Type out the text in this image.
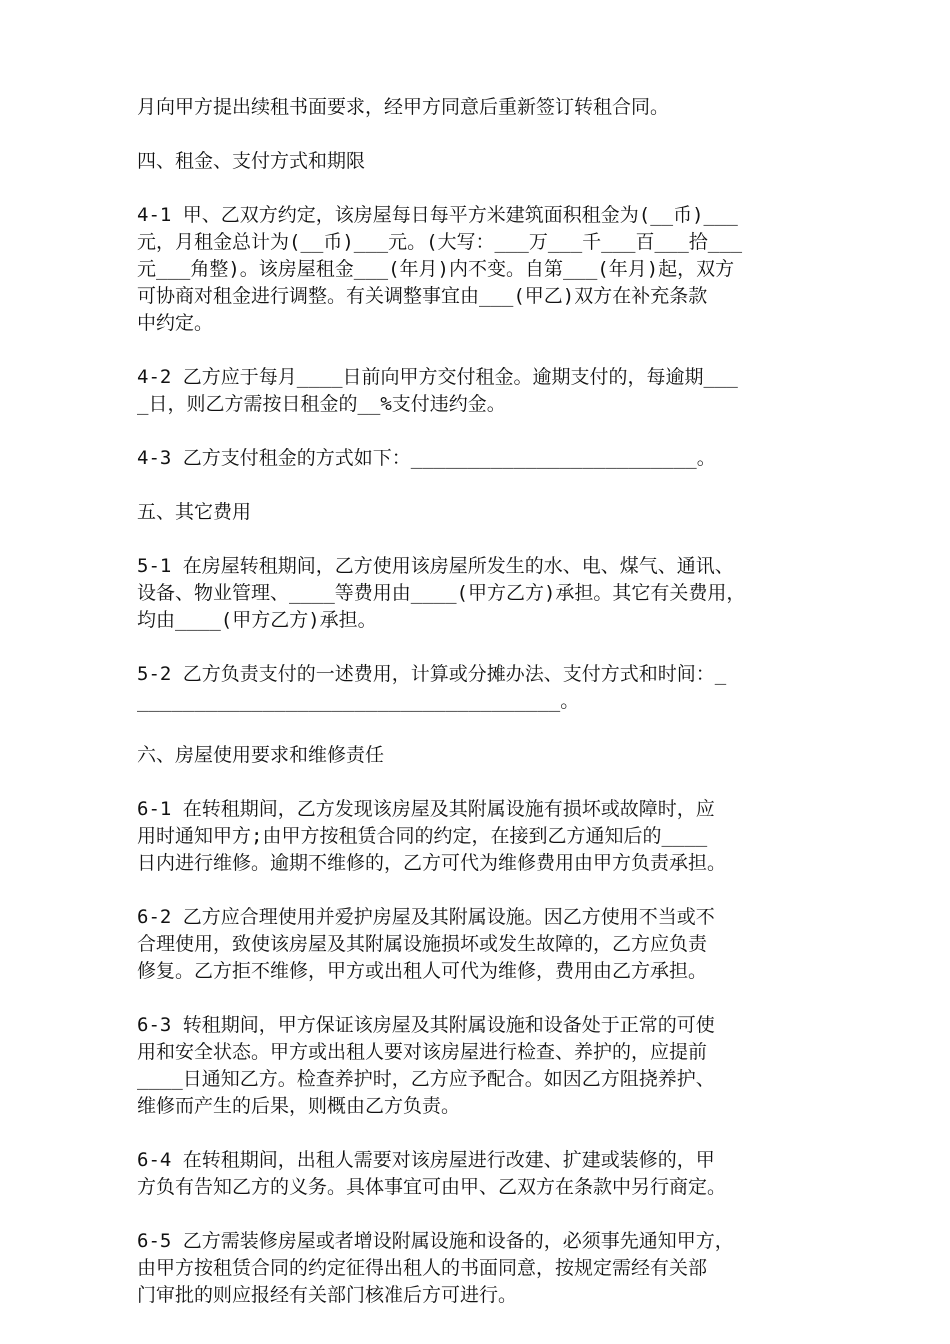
月向甲方提出续租书面要求，经甲方同意后重新签订转租合同。

四、租金、支付方式和期限

4-1 甲、乙双方约定，该房屋每日每平方米建筑面积租金为(__币)___
元，月租金总计为(__币)___元。(大写：___万___千___百___拾___
元___角整)。该房屋租金___(年月)内不变。自第___(年月)起，双方
可协商对租金进行调整。有关调整事宜由___(甲乙)双方在补充条款
中约定。

4-2 乙方应于每月____日前向甲方交付租金。逾期支付的，每逾期___
_日，则乙方需按日租金的__%支付违约金。

4-3 乙方支付租金的方式如下：_________________________。

五、其它费用

5-1 在房屋转租期间，乙方使用该房屋所发生的水、电、煤气、通讯、
设备、物业管理、____等费用由____(甲方乙方)承担。其它有关费用，
均由____(甲方乙方)承担。

5-2 乙方负责支付的一述费用，计算或分摊办法、支付方式和时间：_
_____________________________________。

六、房屋使用要求和维修责任

6-1 在转租期间，乙方发现该房屋及其附属设施有损坏或故障时，应
用时通知甲方;由甲方按租赁合同的约定，在接到乙方通知后的____
日内进行维修。逾期不维修的，乙方可代为维修费用由甲方负责承担。

6-2 乙方应合理使用并爱护房屋及其附属设施。因乙方使用不当或不
合理使用，致使该房屋及其附属设施损坏或发生故障的，乙方应负责
修复。乙方拒不维修，甲方或出租人可代为维修，费用由乙方承担。

6-3 转租期间，甲方保证该房屋及其附属设施和设备处于正常的可使
用和安全状态。甲方或出租人要对该房屋进行检查、养护的，应提前
____日通知乙方。检查养护时，乙方应予配合。如因乙方阻挠养护、
维修而产生的后果，则概由乙方负责。

6-4 在转租期间，出租人需要对该房屋进行改建、扩建或装修的，甲
方负有告知乙方的义务。具体事宜可由甲、乙双方在条款中另行商定。

6-5 乙方需装修房屋或者增设附属设施和设备的，必须事先通知甲方，
由甲方按租赁合同的约定征得出租人的书面同意，按规定需经有关部
门审批的则应报经有关部门核准后方可进行。
